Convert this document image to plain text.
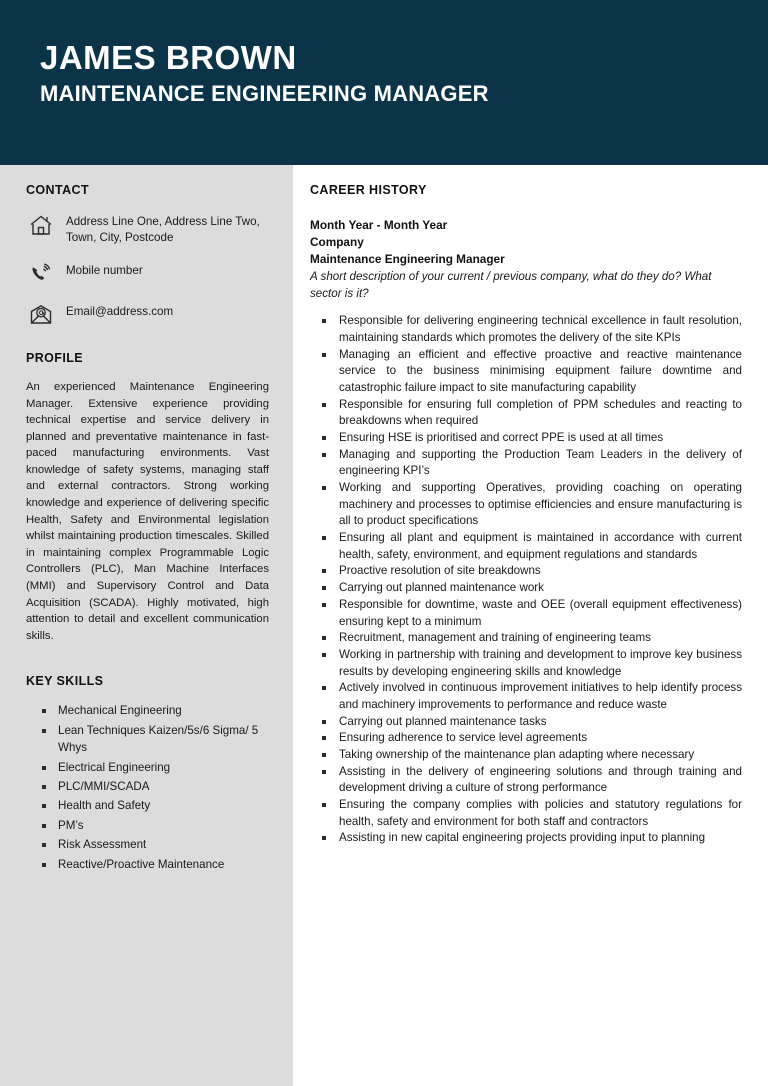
JAMES BROWN
MAINTENANCE ENGINEERING MANAGER
CONTACT
Address Line One, Address Line Two, Town, City, Postcode
Mobile number
Email@address.com
PROFILE

An experienced Maintenance Engineering Manager. Extensive experience providing technical expertise and service delivery in planned and preventative maintenance in fast-paced manufacturing environments. Vast knowledge of safety systems, managing staff and external contractors. Strong working knowledge and experience of delivering specific Health, Safety and Environmental legislation whilst maintaining production timescales. Skilled in maintaining complex Programmable Logic Controllers (PLC), Man Machine Interfaces (MMI) and Supervisory Control and Data Acquisition (SCADA). Highly motivated, high attention to detail and excellent communication skills.

KEY SKILLS
Mechanical Engineering
Lean Techniques Kaizen/5s/6 Sigma/ 5 Whys
Electrical Engineering
PLC/MMI/SCADA
Health and Safety
PM’s
Risk Assessment
Reactive/Proactive Maintenance
CAREER HISTORY
Month Year - Month Year
Company
Maintenance Engineering Manager

A short description of your current / previous company, what do they do? What sector is it?

Responsible for delivering engineering technical excellence in fault resolution, maintaining standards which promotes the delivery of the site KPIs
Managing an efficient and effective proactive and reactive maintenance service to the business minimising equipment failure downtime and catastrophic failure impact to site manufacturing capability
Responsible for ensuring full completion of PPM schedules and reacting to breakdowns when required
Ensuring HSE is prioritised and correct PPE is used at all times
Managing and supporting the Production Team Leaders in the delivery of engineering KPI’s
Working and supporting Operatives, providing coaching on operating machinery and processes to optimise efficiencies and ensure manufacturing is all to product specifications
Ensuring all plant and equipment is maintained in accordance with current health, safety, environment, and equipment regulations and standards
Proactive resolution of site breakdowns
Carrying out planned maintenance work
Responsible for downtime, waste and OEE (overall equipment effectiveness) ensuring kept to a minimum
Recruitment, management and training of engineering teams
Working in partnership with training and development to improve key business results by developing engineering skills and knowledge
Actively involved in continuous improvement initiatives to help identify process and machinery improvements to performance and reduce waste
Carrying out planned maintenance tasks
Ensuring adherence to service level agreements
Taking ownership of the maintenance plan adapting where necessary
Assisting in the delivery of engineering solutions and through training and development driving a culture of strong performance
Ensuring the company complies with policies and statutory regulations for health, safety and environment for both staff and contractors
Assisting in new capital engineering projects providing input to planning
